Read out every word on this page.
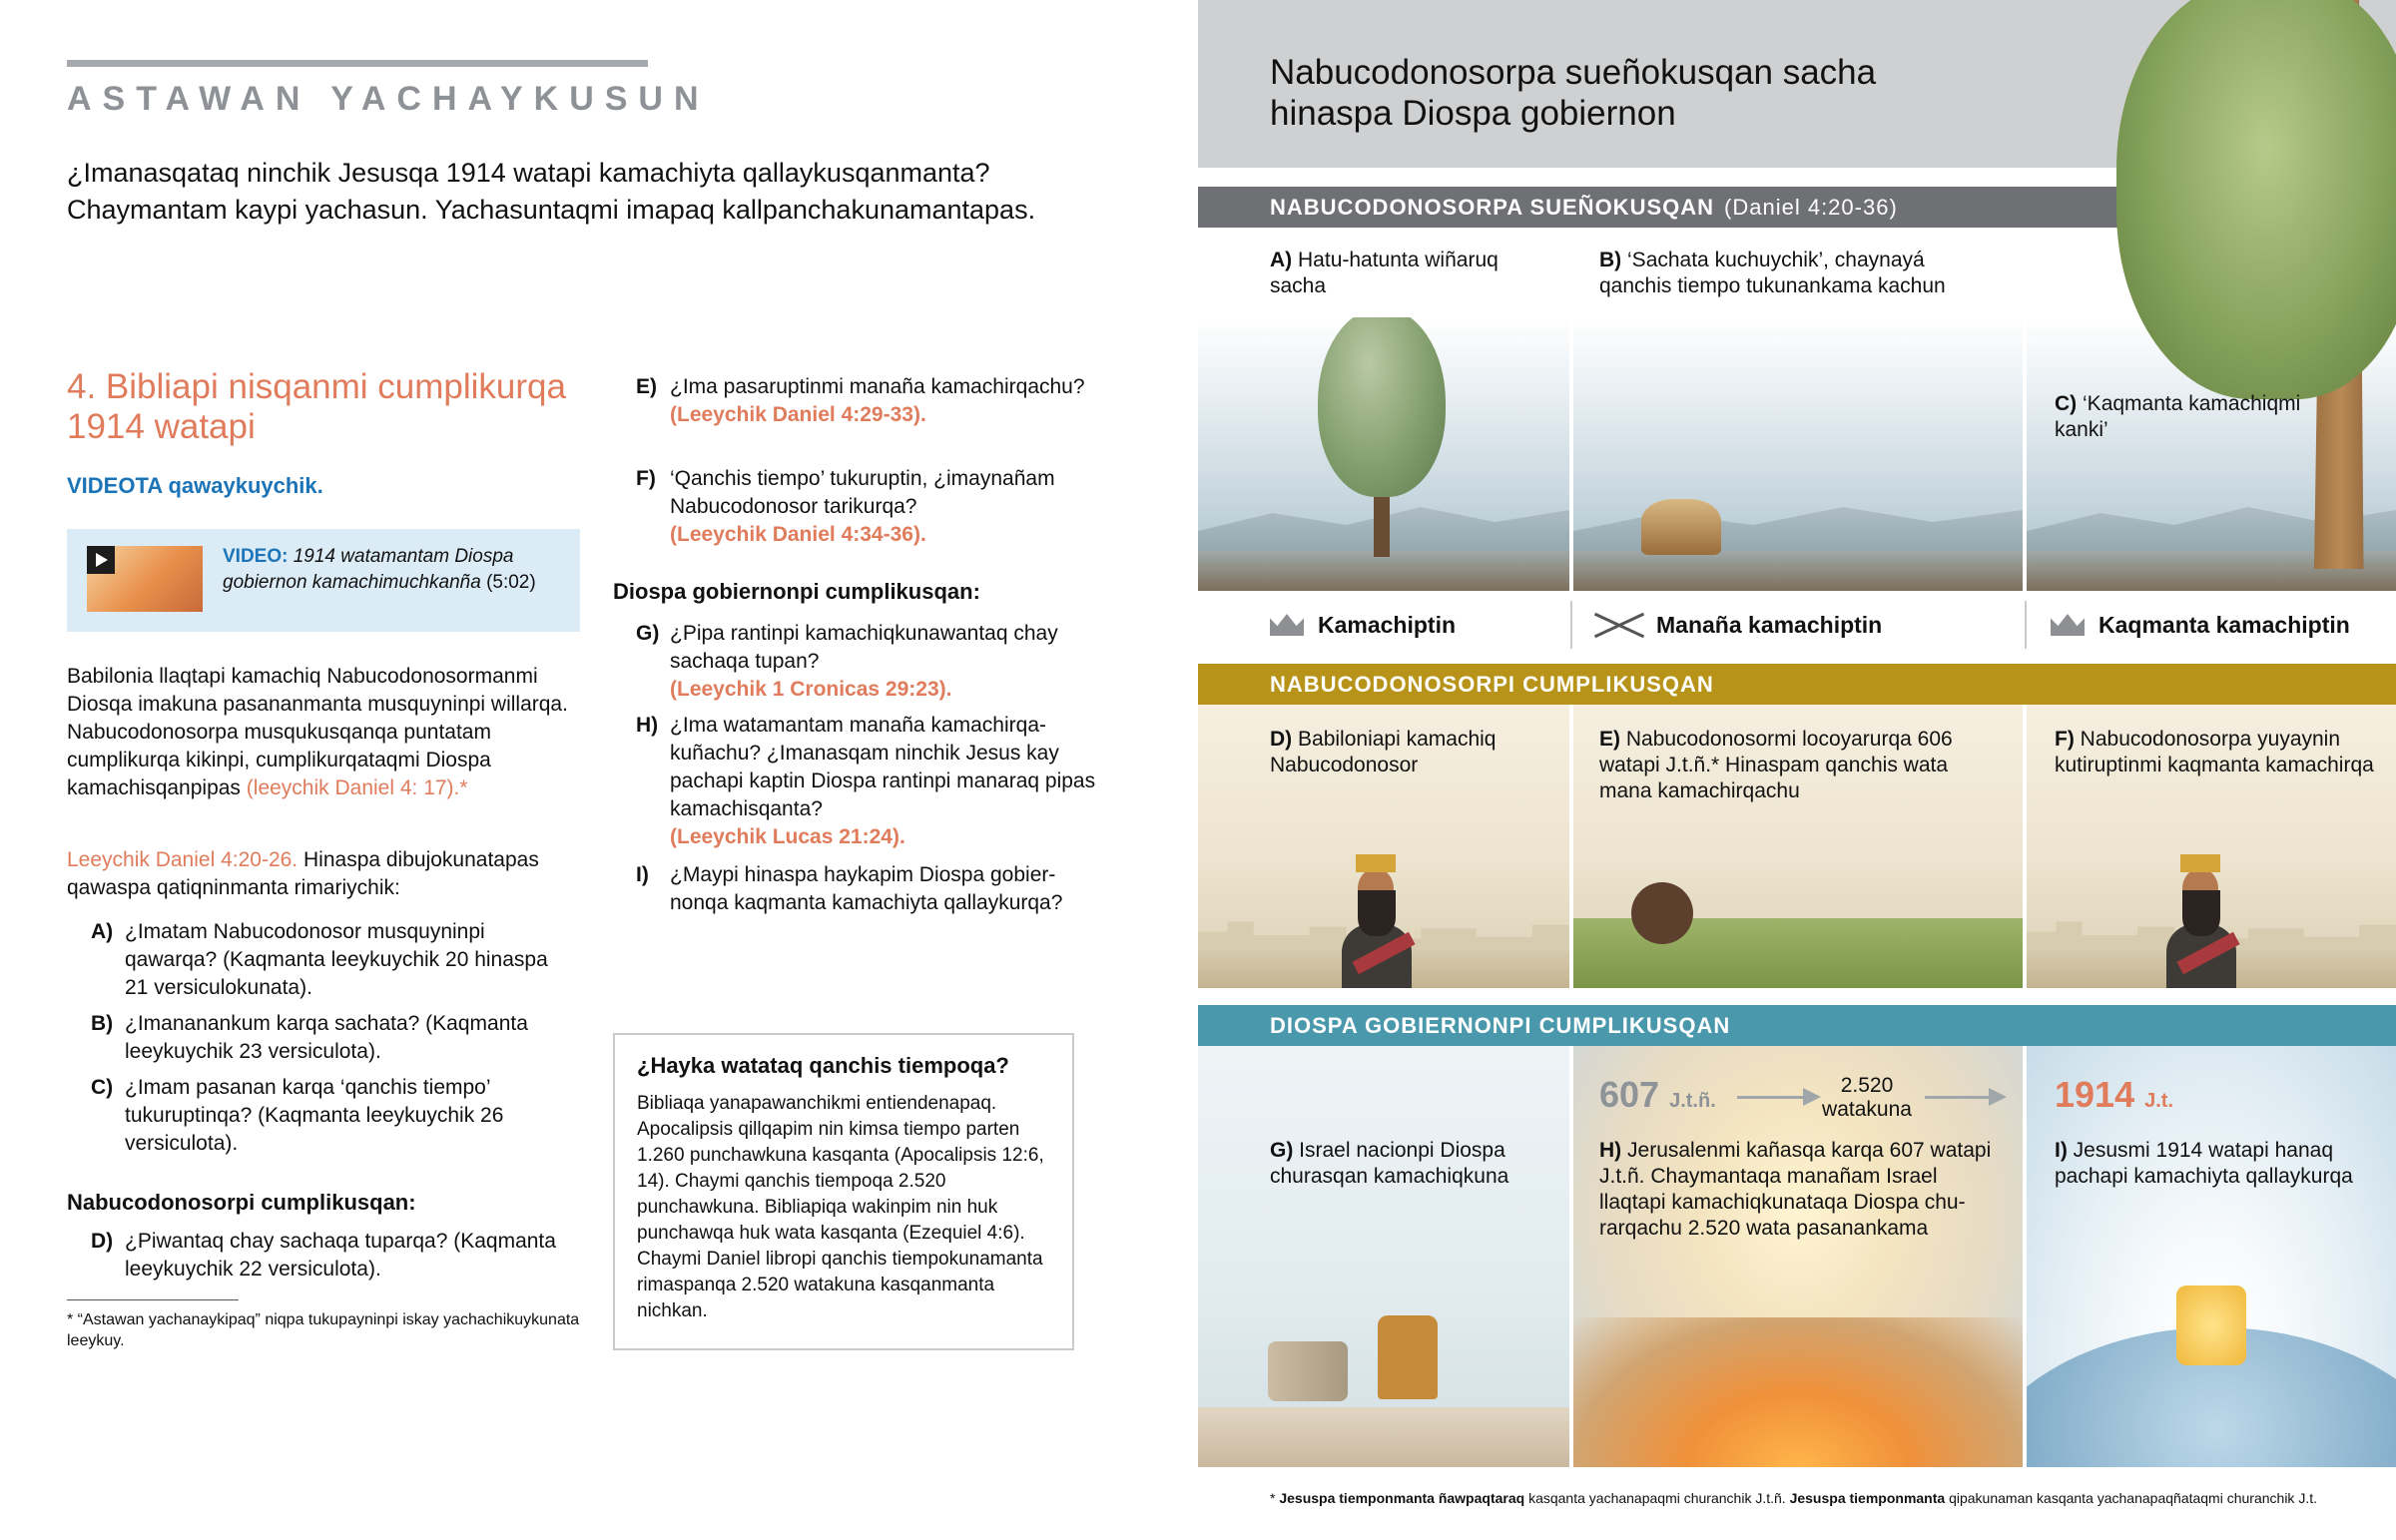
ASTAWAN YACHAYKUSUN
¿Imanasqataq ninchik Jesusqa 1914 watapi kamachiyta qallaykusqanmanta? Chaymantam kaypi yachasun. Yachasuntaqmi imapaq kallpanchakunamantapas.
4. Bibliapi nisqanmi cumplikurqa 1914 watapi
VIDEOTA qawaykuychik.
VIDEO: 1914 watamantam Diospa gobiernon kamachimuchkanña (5:02)
Babilonia llaqtapi kamachiq Nabucodonosormanmi Diosqa imakuna pasananmanta musquyninpi willarqa. Nabucodonosorpa musqukusqanqa puntatam cumplikurqa kikinpi, cumplikurqataqmi Diospa kamachisqanpipas (leeychik Daniel 4: 17).*
Leeychik Daniel 4:20-26. Hinaspa dibujokunatapas qawaspa qatiqninmanta rimariychik:
A) ¿Imatam Nabucodonosor musquyninpi qawarqa? (Kaqmanta leeykuychik 20 hinaspa 21 versiculokunata).
B) ¿Imananankum karqa sachata? (Kaqmanta leeykuychik 23 versiculota).
C) ¿Imam pasanan karqa ‘qanchis tiempo’ tukuruptinqa? (Kaqmanta leeykuychik 26 versiculota).
Nabucodonosorpi cumplikusqan:
D) ¿Piwantaq chay sachaqa tuparqa? (Kaqmanta leeykuychik 22 versiculota).
* “Astawan yachanaykipaq” niqpa tukupayninpi iskay yachachikuykunata leeykuy.
E) ¿Ima pasaruptinmi manaña kamachirqachu?
(Leeychik Daniel 4:29-33).
F) ‘Qanchis tiempo’ tukuruptin, ¿imaynañam Nabucodonosor tarikurqa?
(Leeychik Daniel 4:34-36).
Diospa gobiernonpi cumplikusqan:
G) ¿Pipa rantinpi kamachiqkunawantaq chay sachaqa tupan?
(Leeychik 1 Cronicas 29:23).
H) ¿Ima watamantam manaña kamachirqakuñachu? ¿Imanasqam ninchik Jesus kay pachapi kaptin Diospa rantinpi manaraq pipas kamachisqanta?
(Leeychik Lucas 21:24).
I) ¿Maypi hinaspa haykapim Diospa gobiernonqa kaqmanta kamachiyta qallaykurqa?
¿Hayka watataq qanchis tiempoqa?
Bibliaqa yanapawanchikmi entiendenapaq. Apocalipsis qillqapim nin kimsa tiempo parten 1.260 punchawkuna kasqanta (Apocalipsis 12:6, 14). Chaymi qanchis tiempoqa 2.520 punchawkuna. Bibliapiqa wakinpim nin huk punchawqa huk wata kasqanta (Ezequiel 4:6). Chaymi Daniel libropi qanchis tiempokunamanta rimaspanqa 2.520 watakuna kasqanmanta nichkan.
Nabucodonosorpa sueñokusqan sacha hinaspa Diospa gobiernon
NABUCODONOSORPA SUEÑOKUSQAN (Daniel 4:20-36)
A) Hatu-hatunta wiñaruq sacha
B) ‘Sachata kuchuychik’, chaynayá qanchis tiempo tukunankama kachun
C) ‘Kaqmanta kamachiqmi kanki’
Kamachiptin	Manaña kamachiptin	Kaqmanta kamachiptin
NABUCODONOSORPI CUMPLIKUSQAN
D) Babiloniapi kamachiq Nabucodonosor
E) Nabucodonosormi locoyarurqa 606 watapi J.t.ñ.* Hinaspam qanchis wata mana kamachirqachu
F) Nabucodonosorpa yuyaynin kutiruptinmi kaqmanta kamachirqa
DIOSPA GOBIERNONPI CUMPLIKUSQAN
607 J.t.ñ.
2.520 watakuna	1914 J.t.
G) Israel nacionpi Diospa churasqan kamachiqkuna
H) Jerusalenmi kañasqa karqa 607 watapi J.t.ñ. Chaymantaqa manañam Israel llaqtapi kamachiqkunataqa Diospa churarqachu 2.520 wata pasanankama
I) Jesusmi 1914 watapi hanaq pachapi kamachiyta qallaykurqa
* Jesuspa tiemponmanta ñawpaqtaraq kasqanta yachanapaqmi churanchik J.t.ñ. Jesuspa tiemponmanta qipakunaman kasqanta yachanapaqñataqmi churanchik J.t.
